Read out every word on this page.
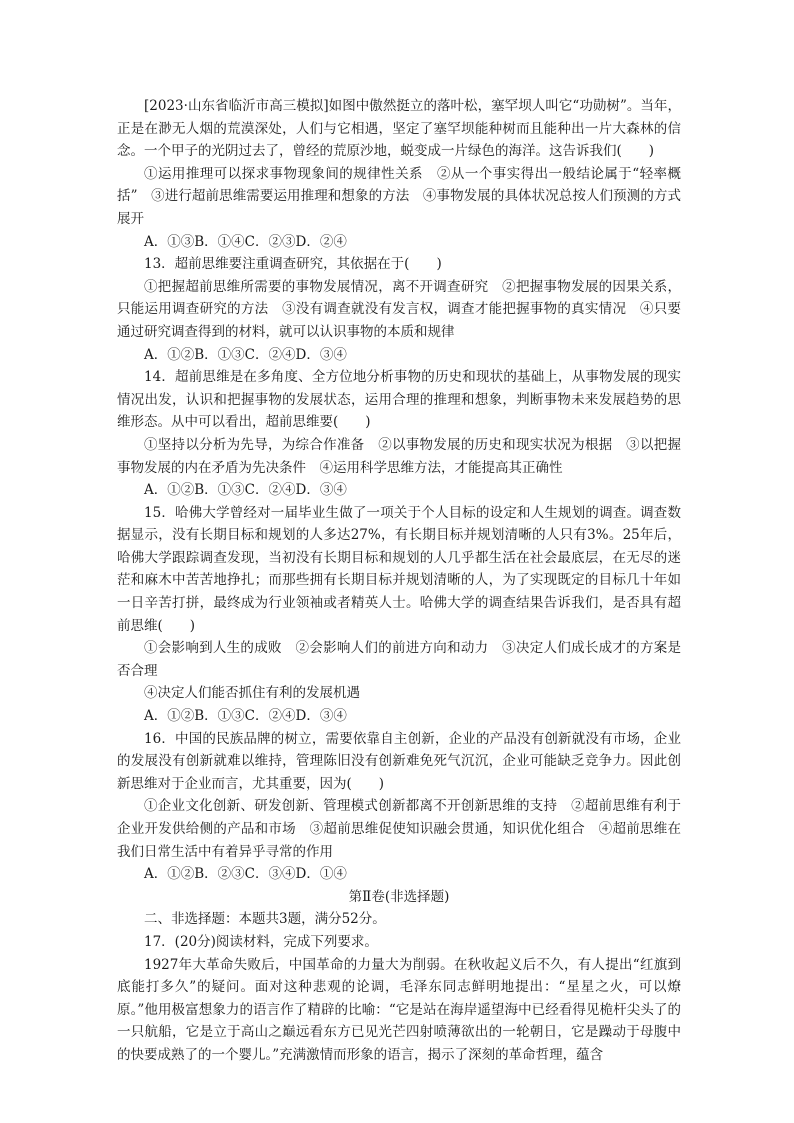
[2023·山东省临沂市高三模拟]如图中傲然挺立的落叶松，塞罕坝人叫它“功勋树”。当年，正是在渺无人烟的荒漠深处，人们与它相遇，坚定了塞罕坝能种树而且能种出一片大森林的信念。一个甲子的光阴过去了，曾经的荒原沙地，蜕变成一片绿色的海洋。这告诉我们(　　)

①运用推理可以探求事物现象间的规律性关系　②从一个事实得出一般结论属于“轻率概括”　③进行超前思维需要运用推理和想象的方法　④事物发展的具体状况总按人们预测的方式展开

A．①③B．①④C．②③D．②④

13．超前思维要注重调查研究，其依据在于(　　)

①把握超前思维所需要的事物发展情况，离不开调查研究　②把握事物发展的因果关系，只能运用调查研究的方法　③没有调查就没有发言权，调查才能把握事物的真实情况　④只要通过研究调查得到的材料，就可以认识事物的本质和规律

A．①②B．①③C．②④D．③④

14．超前思维是在多角度、全方位地分析事物的历史和现状的基础上，从事物发展的现实情况出发，认识和把握事物的发展状态，运用合理的推理和想象，判断事物未来发展趋势的思维形态。从中可以看出，超前思维要(　　)

①坚持以分析为先导，为综合作准备　②以事物发展的历史和现实状况为根据　③以把握事物发展的内在矛盾为先决条件　④运用科学思维方法，才能提高其正确性

A．①②B．①③C．②④D．③④

15．哈佛大学曾经对一届毕业生做了一项关于个人目标的设定和人生规划的调查。调查数据显示，没有长期目标和规划的人多达27%，有长期目标并规划清晰的人只有3%。25年后，哈佛大学跟踪调查发现，当初没有长期目标和规划的人几乎都生活在社会最底层，在无尽的迷茫和麻木中苦苦地挣扎；而那些拥有长期目标并规划清晰的人，为了实现既定的目标几十年如一日辛苦打拼，最终成为行业领袖或者精英人士。哈佛大学的调查结果告诉我们，是否具有超前思维(　　)

①会影响到人生的成败　②会影响人们的前进方向和动力　③决定人们成长成才的方案是否合理

④决定人们能否抓住有利的发展机遇

A．①②B．①③C．②④D．③④

16．中国的民族品牌的树立，需要依靠自主创新，企业的产品没有创新就没有市场，企业的发展没有创新就难以维持，管理陈旧没有创新难免死气沉沉，企业可能缺乏竞争力。因此创新思维对于企业而言，尤其重要，因为(　　)

①企业文化创新、研发创新、管理模式创新都离不开创新思维的支持　②超前思维有利于企业开发供给侧的产品和市场　③超前思维促使知识融会贯通，知识优化组合　④超前思维在我们日常生活中有着异乎寻常的作用

A．①②B．②③C．③④D．①④

第Ⅱ卷(非选择题)

二、非选择题：本题共3题，满分52分。

17．(20分)阅读材料，完成下列要求。

1927年大革命失败后，中国革命的力量大为削弱。在秋收起义后不久，有人提出“红旗到底能打多久”的疑问。面对这种悲观的论调，毛泽东同志鲜明地提出：“星星之火，可以燎原。”他用极富想象力的语言作了精辟的比喻：“它是站在海岸遥望海中已经看得见桅杆尖头了的一只航船，它是立于高山之巅远看东方已见光芒四射喷薄欲出的一轮朝日，它是躁动于母腹中的快要成熟了的一个婴儿。”充满激情而形象的语言，揭示了深刻的革命哲理，蕴含
